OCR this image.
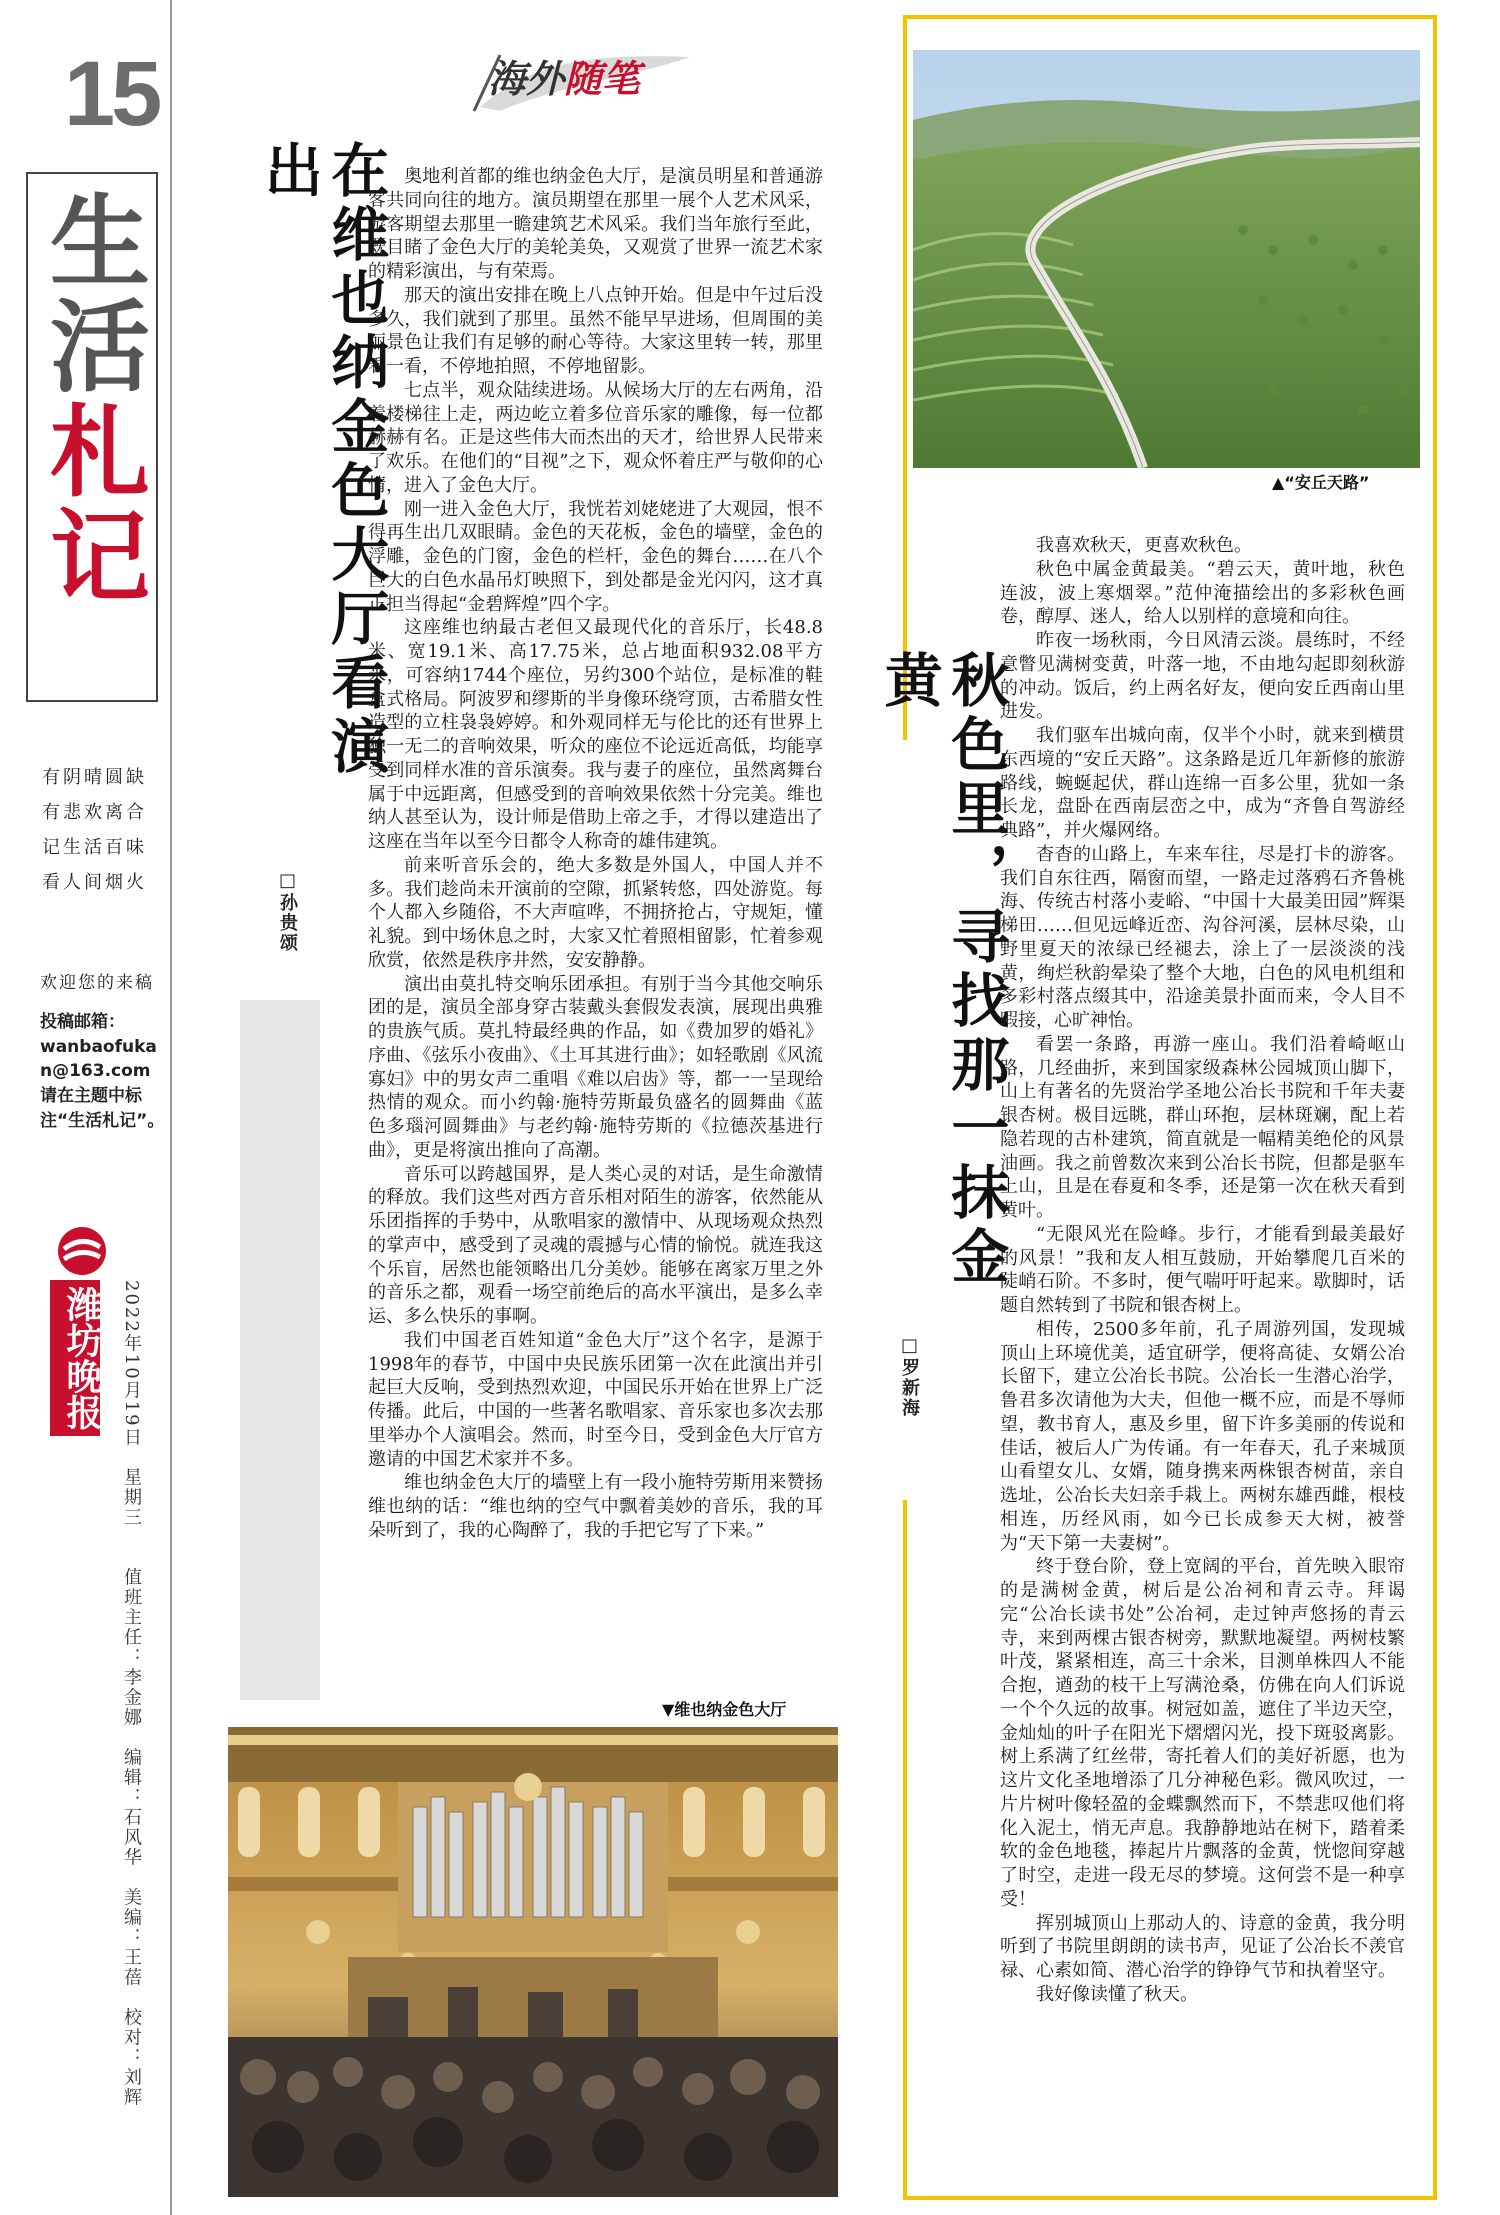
15
生
活
札
记
有阴晴圆缺
有悲欢离合
记生活百味
看人间烟火
欢迎您的来稿
投稿邮箱：
wanbaofukan@163.com
请在主题中标注“生活札记”。
潍坊晚报 2022年10月19日　星期三　　值班主任：李金娜　编辑：石风华　美编：王蓓　校对：刘辉
海外随笔
在维也纳金色大厅看演出
□孙贵颂

奥地利首都的维也纳金色大厅，是演员明星和普通游客共同向往的地方。演员期望在那里一展个人艺术风采，游客期望去那里一瞻建筑艺术风采。我们当年旅行至此，既目睹了金色大厅的美轮美奂，又观赏了世界一流艺术家的精彩演出，与有荣焉。

那天的演出安排在晚上八点钟开始。但是中午过后没多久，我们就到了那里。虽然不能早早进场，但周围的美丽景色让我们有足够的耐心等待。大家这里转一转，那里看一看，不停地拍照，不停地留影。

七点半，观众陆续进场。从候场大厅的左右两角，沿着楼梯往上走，两边屹立着多位音乐家的雕像，每一位都赫赫有名。正是这些伟大而杰出的天才，给世界人民带来了欢乐。在他们的“目视”之下，观众怀着庄严与敬仰的心情，进入了金色大厅。

刚一进入金色大厅，我恍若刘姥姥进了大观园，恨不得再生出几双眼睛。金色的天花板，金色的墙壁，金色的浮雕，金色的门窗，金色的栏杆，金色的舞台……在八个巨大的白色水晶吊灯映照下，到处都是金光闪闪，这才真正担当得起“金碧辉煌”四个字。

这座维也纳最古老但又最现代化的音乐厅，长48.8米、宽19.1米、高17.75米，总占地面积932.08平方米，可容纳1744个座位，另约300个站位，是标准的鞋盒式格局。阿波罗和缪斯的半身像环绕穹顶，古希腊女性造型的立柱袅袅婷婷。和外观同样无与伦比的还有世界上独一无二的音响效果，听众的座位不论远近高低，均能享受到同样水准的音乐演奏。我与妻子的座位，虽然离舞台属于中远距离，但感受到的音响效果依然十分完美。维也纳人甚至认为，设计师是借助上帝之手，才得以建造出了这座在当年以至今日都令人称奇的雄伟建筑。

前来听音乐会的，绝大多数是外国人，中国人并不多。我们趁尚未开演前的空隙，抓紧转悠，四处游览。每个人都入乡随俗，不大声喧哗，不拥挤抢占，守规矩，懂礼貌。到中场休息之时，大家又忙着照相留影，忙着参观欣赏，依然是秩序井然，安安静静。

演出由莫扎特交响乐团承担。有别于当今其他交响乐团的是，演员全部身穿古装戴头套假发表演，展现出典雅的贵族气质。莫扎特最经典的作品，如《费加罗的婚礼》序曲、《弦乐小夜曲》、《土耳其进行曲》；如轻歌剧《风流寡妇》中的男女声二重唱《难以启齿》等，都一一呈现给热情的观众。而小约翰·施特劳斯最负盛名的圆舞曲《蓝色多瑙河圆舞曲》与老约翰·施特劳斯的《拉德茨基进行曲》，更是将演出推向了高潮。

音乐可以跨越国界，是人类心灵的对话，是生命激情的释放。我们这些对西方音乐相对陌生的游客，依然能从乐团指挥的手势中，从歌唱家的激情中、从现场观众热烈的掌声中，感受到了灵魂的震撼与心情的愉悦。就连我这个乐盲，居然也能领略出几分美妙。能够在离家万里之外的音乐之都，观看一场空前绝后的高水平演出，是多么幸运、多么快乐的事啊。

我们中国老百姓知道“金色大厅”这个名字，是源于1998年的春节，中国中央民族乐团第一次在此演出并引起巨大反响，受到热烈欢迎，中国民乐开始在世界上广泛传播。此后，中国的一些著名歌唱家、音乐家也多次去那里举办个人演唱会。然而，时至今日，受到金色大厅官方邀请的中国艺术家并不多。

维也纳金色大厅的墙壁上有一段小施特劳斯用来赞扬维也纳的话：“维也纳的空气中飘着美妙的音乐，我的耳朵听到了，我的心陶醉了，我的手把它写了下来。”

▼维也纳金色大厅
▲“安丘天路”
秋色里，寻找那一抹金黄
□罗新海

我喜欢秋天，更喜欢秋色。

秋色中属金黄最美。“碧云天，黄叶地，秋色连波，波上寒烟翠。”范仲淹描绘出的多彩秋色画卷，醇厚、迷人，给人以别样的意境和向往。

昨夜一场秋雨，今日风清云淡。晨练时，不经意瞥见满树变黄，叶落一地，不由地勾起即刻秋游的冲动。饭后，约上两名好友，便向安丘西南山里进发。

我们驱车出城向南，仅半个小时，就来到横贯东西境的“安丘天路”。这条路是近几年新修的旅游路线，蜿蜒起伏，群山连绵一百多公里，犹如一条长龙，盘卧在西南层峦之中，成为“齐鲁自驾游经典路”，并火爆网络。

杳杳的山路上，车来车往，尽是打卡的游客。我们自东往西，隔窗而望，一路走过落鸦石齐鲁桃海、传统古村落小麦峪、“中国十大最美田园”辉渠梯田……但见远峰近峦、沟谷河溪，层林尽染，山野里夏天的浓绿已经褪去，涂上了一层淡淡的浅黄，绚烂秋韵晕染了整个大地，白色的风电机组和多彩村落点缀其中，沿途美景扑面而来，令人目不暇接，心旷神怡。

看罢一条路，再游一座山。我们沿着崎岖山路，几经曲折，来到国家级森林公园城顶山脚下，山上有著名的先贤治学圣地公冶长书院和千年夫妻银杏树。极目远眺，群山环抱，层林斑斓，配上若隐若现的古朴建筑，简直就是一幅精美绝伦的风景油画。我之前曾数次来到公冶长书院，但都是驱车上山，且是在春夏和冬季，还是第一次在秋天看到黄叶。

“无限风光在险峰。步行，才能看到最美最好的风景！”我和友人相互鼓励，开始攀爬几百米的陡峭石阶。不多时，便气喘吁吁起来。歇脚时，话题自然转到了书院和银杏树上。

相传，2500多年前，孔子周游列国，发现城顶山上环境优美，适宜研学，便将高徒、女婿公冶长留下，建立公冶长书院。公冶长一生潜心治学，鲁君多次请他为大夫，但他一概不应，而是不辱师望，教书育人，惠及乡里，留下许多美丽的传说和佳话，被后人广为传诵。有一年春天，孔子来城顶山看望女儿、女婿，随身携来两株银杏树苗，亲自选址，公冶长夫妇亲手栽上。两树东雄西雌，根枝相连，历经风雨，如今已长成参天大树，被誉为“天下第一夫妻树”。

终于登台阶，登上宽阔的平台，首先映入眼帘的是满树金黄，树后是公冶祠和青云寺。拜谒完“公冶长读书处”公冶祠，走过钟声悠扬的青云寺，来到两棵古银杏树旁，默默地凝望。两树枝繁叶茂，紧紧相连，高三十余米，目测单株四人不能合抱，遒劲的枝干上写满沧桑，仿佛在向人们诉说一个个久远的故事。树冠如盖，遮住了半边天空，金灿灿的叶子在阳光下熠熠闪光，投下斑驳离影。树上系满了红丝带，寄托着人们的美好祈愿，也为这片文化圣地增添了几分神秘色彩。微风吹过，一片片树叶像轻盈的金蝶飘然而下，不禁悲叹他们将化入泥土，悄无声息。我静静地站在树下，踏着柔软的金色地毯，捧起片片飘落的金黄，恍惚间穿越了时空，走进一段无尽的梦境。这何尝不是一种享受！

挥别城顶山上那动人的、诗意的金黄，我分明听到了书院里朗朗的读书声，见证了公冶长不羡官禄、心素如简、潜心治学的铮铮气节和执着坚守。

我好像读懂了秋天。
